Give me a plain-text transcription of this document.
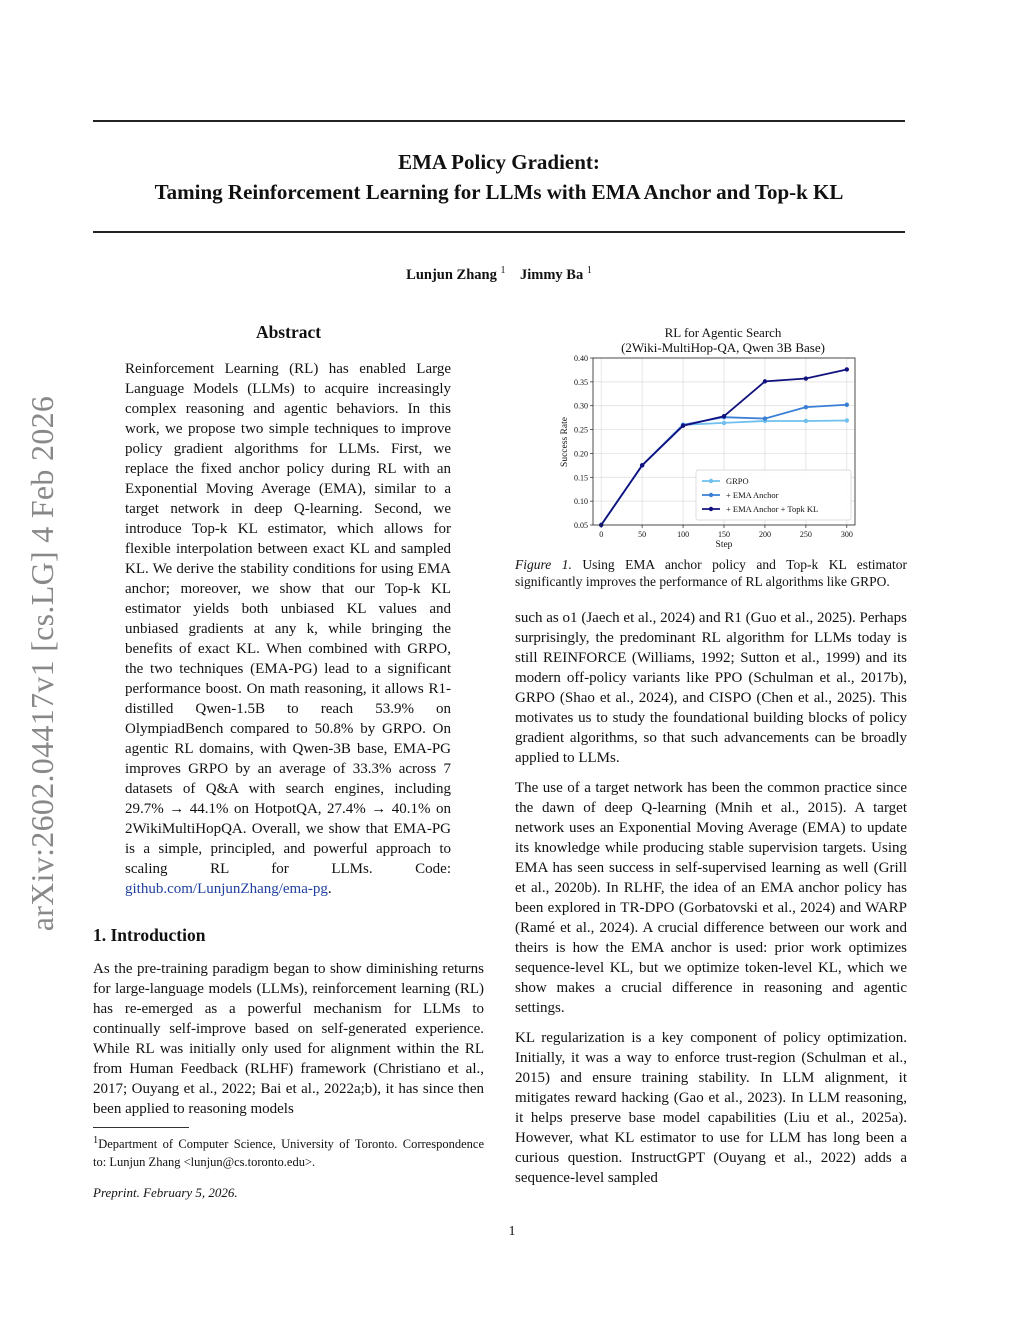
arXiv:2602.04417v1 [cs.LG] 4 Feb 2026
EMA Policy Gradient:
Taming Reinforcement Learning for LLMs with EMA Anchor and Top-k KL
Lunjun Zhang $^1$ Jimmy Ba $^1$
Abstract
Reinforcement Learning (RL) has enabled Large Language Models (LLMs) to acquire increasingly complex reasoning and agentic behaviors. In this work, we propose two simple techniques to improve policy gradient algorithms for LLMs. First, we replace the fixed anchor policy during RL with an Exponential Moving Average (EMA), similar to a target network in deep Q-learning. Second, we introduce Top-k KL estimator, which allows for flexible interpolation between exact KL and sampled KL. We derive the stability conditions for using EMA anchor; moreover, we show that our Top-k KL estimator yields both unbiased KL values and unbiased gradients at any k, while bringing the benefits of exact KL. When combined with GRPO, the two techniques (EMA-PG) lead to a significant performance boost. On math reasoning, it allows R1-distilled Qwen-1.5B to reach 53.9% on OlympiadBench compared to 50.8% by GRPO. On agentic RL domains, with Qwen-3B base, EMA-PG improves GRPO by an average of 33.3% across 7 datasets of Q&A with search engines, including 29.7% → 44.1% on HotpotQA, 27.4% → 40.1% on 2WikiMultiHopQA. Overall, we show that EMA-PG is a simple, principled, and powerful approach to scaling RL for LLMs. Code: github.com/LunjunZhang/ema-pg.
1. Introduction

As the pre-training paradigm began to show diminishing returns for large-language models (LLMs), reinforcement learning (RL) has re-emerged as a powerful mechanism for LLMs to continually self-improve based on self-generated experience. While RL was initially only used for alignment within the RL from Human Feedback (RLHF) framework (Christiano et al., 2017; Ouyang et al., 2022; Bai et al., 2022a;b), it has since then been applied to reasoning models

$^1$Department of Computer Science, University of Toronto. Correspondence to: Lunjun Zhang <lunjun@cs.toronto.edu>.
Preprint. February 5, 2026.
RL for Agentic Search
(2Wiki-MultiHop-QA, Qwen 3B Base)
Success Rate
Step
0.05
0.10
0.15
0.20
0.25
0.30
0.35
0.40
0	50	100	150	200	250	300
GRPO
+ EMA Anchor
+ EMA Anchor + Topk KL
Figure 1. Using EMA anchor policy and Top-k KL estimator significantly improves the performance of RL algorithms like GRPO.

such as o1 (Jaech et al., 2024) and R1 (Guo et al., 2025). Perhaps surprisingly, the predominant RL algorithm for LLMs today is still REINFORCE (Williams, 1992; Sutton et al., 1999) and its modern off-policy variants like PPO (Schulman et al., 2017b), GRPO (Shao et al., 2024), and CISPO (Chen et al., 2025). This motivates us to study the foundational building blocks of policy gradient algorithms, so that such advancements can be broadly applied to LLMs.

The use of a target network has been the common practice since the dawn of deep Q-learning (Mnih et al., 2015). A target network uses an Exponential Moving Average (EMA) to update its knowledge while producing stable supervision targets. Using EMA has seen success in self-supervised learning as well (Grill et al., 2020b). In RLHF, the idea of an EMA anchor policy has been explored in TR-DPO (Gorbatovski et al., 2024) and WARP (Ramé et al., 2024). A crucial difference between our work and theirs is how the EMA anchor is used: prior work optimizes sequence-level KL, but we optimize token-level KL, which we show makes a crucial difference in reasoning and agentic settings.

KL regularization is a key component of policy optimization. Initially, it was a way to enforce trust-region (Schulman et al., 2015) and ensure training stability. In LLM alignment, it mitigates reward hacking (Gao et al., 2023). In LLM reasoning, it helps preserve base model capabilities (Liu et al., 2025a). However, what KL estimator to use for LLM has long been a curious question. InstructGPT (Ouyang et al., 2022) adds a sequence-level sampled

1
